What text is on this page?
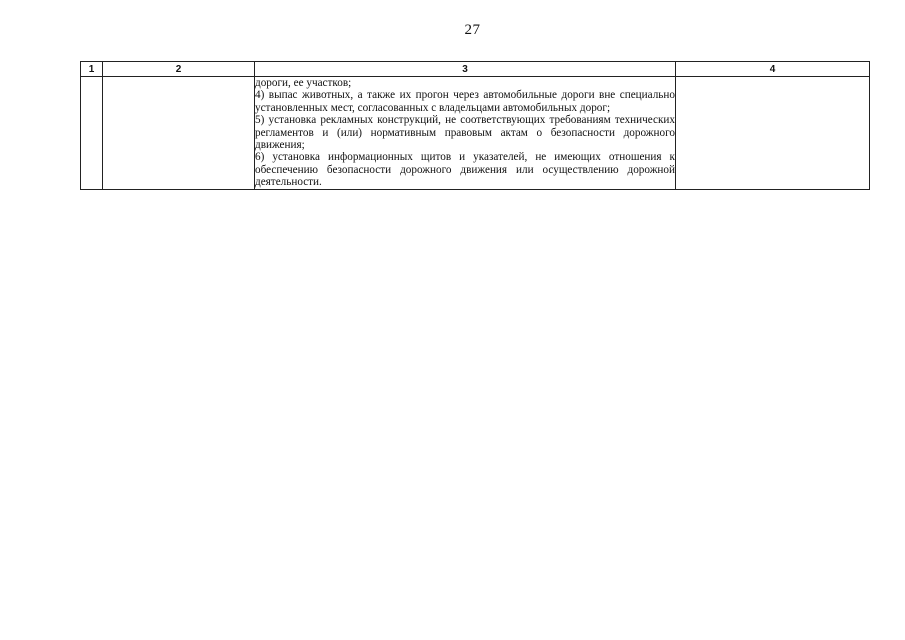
27
1	2	3	4

		дороги, ее участков;

4) выпас животных, а также их прогон через автомобильные дороги вне специально установленных мест, согласованных с владельцами автомобильных дорог;

5) установка рекламных конструкций, не соответствующих требованиям технических регламентов и (или) нормативным правовым актам о безопасности дорожного движения;

6) установка информационных щитов и указателей, не имеющих отношения к обеспечению безопасности дорожного движения или осуществлению дорожной деятельности.	
